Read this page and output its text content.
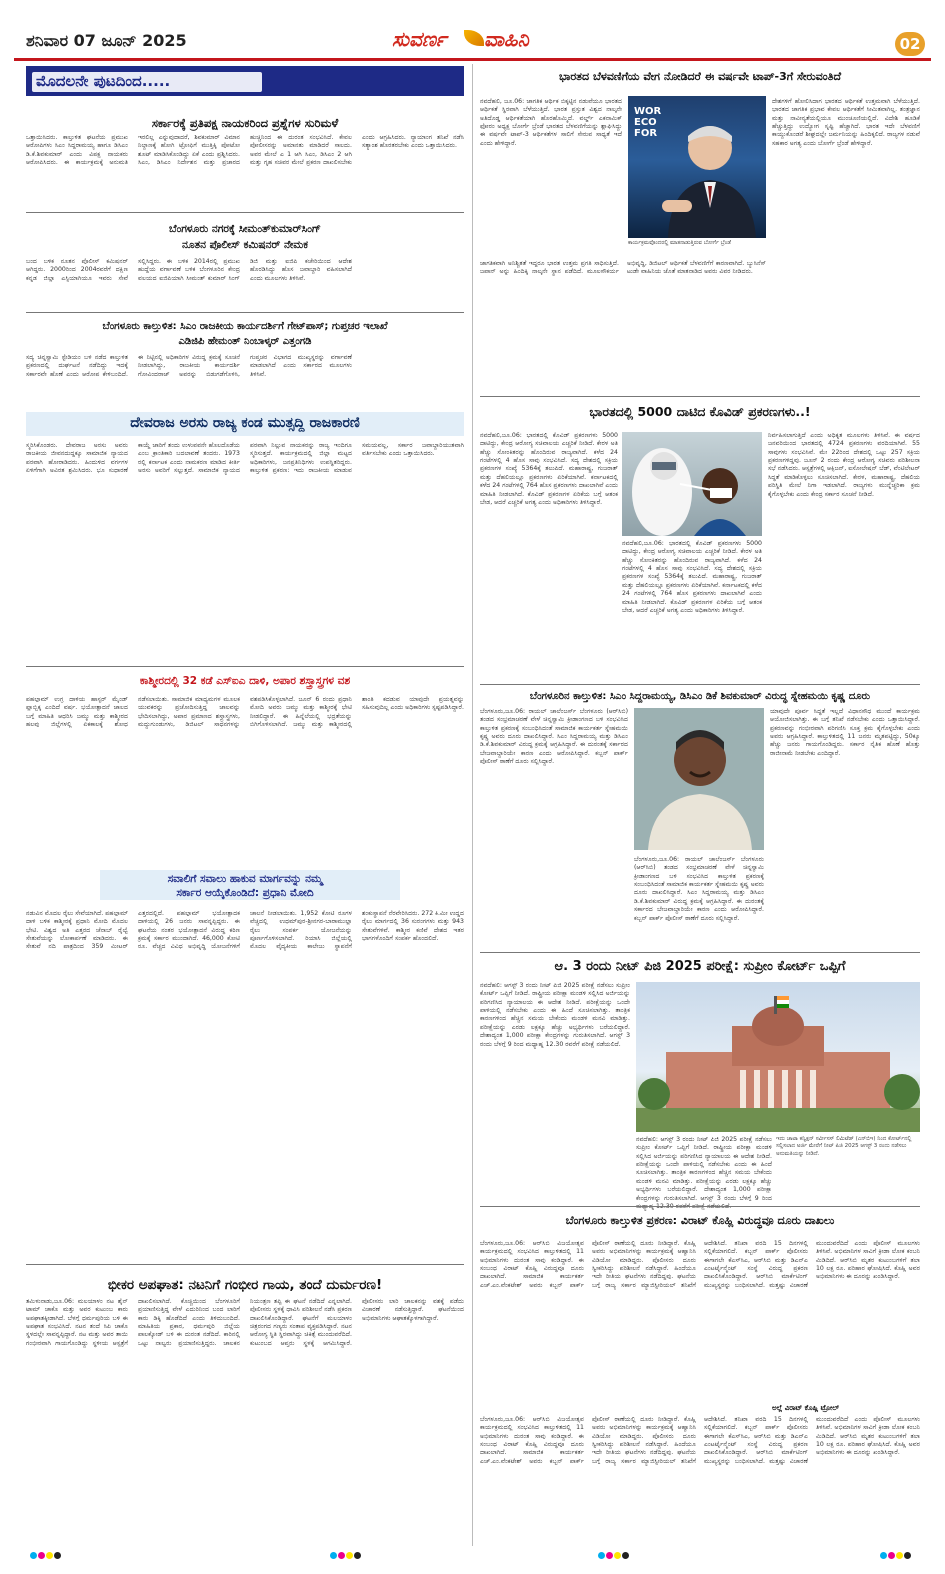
ಶನಿವಾರ 07 ಜೂನ್ 2025	ಸುವರ್ಣ ವಾಹಿನಿ	02
ಮೊದಲನೇ ಪುಟದಿಂದ.....
ಸರ್ಕಾರಕ್ಕೆ ಪ್ರತಿಪಕ್ಷ ನಾಯಕರಿಂದ ಪ್ರಶ್ನೆಗಳ ಸುರಿಮಳೆ
ಒತ್ತಾಯಿಸಿದರು. ಕಾಲ್ತುಳಿತ ಘಟನೆಯ ಪ್ರಮುಖ ಆರೋಪಿಗಳು ಸಿಎಂ ಸಿದ್ದರಾಮಯ್ಯ ಹಾಗೂ ಡಿಸಿಎಂ ಡಿ.ಕೆ.ಶಿವಕುಮಾರ್ ಎಂದು ವಿಪಕ್ಷ ನಾಯಕರು ಆರೋಪಿಸಿದರು. ಈ ಕಾರ್ಯಕ್ರಮಕ್ಕೆ ಅನುಮತಿ ಇರಲಿಲ್ಲ ಎನ್ನುವುದಾದರೆ, ಶಿವಕುಮಾರ್ ವಿಮಾನ ನಿಲ್ದಾಣಕ್ಕೆ ಹೋಗಿ ಟ್ರೋಫಿಗೆ ಮುತ್ತಿಕ್ಕಿ ಪೋಟೋ ಶೂಟ್ ಮಾಡಿಸಿಕೊಂಡಿದ್ದು ಏಕೆ ಎಂದು ಪ್ರಶ್ನಿಸಿದರು. ಸಿಎಂ, ಡಿಸಿಎಂ ನಿರ್ದೇಶನ ಮತ್ತು ಪ್ರಚಾರದ ಹುಚ್ಚಿನಿಂದ ಈ ದುರಂತ ಸಂಭವಿಸಿದೆ. ಕೇವಲ ಪೋಲೀಸರನ್ನು ಅಮಾನತು ಮಾಡಿದರೆ ಸಾಲದು. ಅವರ ಮೇಲೆ ಎ 1 ಆಗಿ ಸಿಎಂ, ಡಿಸಿಎಂ 2 ಆಗಿ ಮತ್ತು ಗೃಹ ಸಚಿವರ ಮೇಲೆ ಪ್ರಕರಣ ದಾಖಲಿಸಬೇಕು ಎಂದು ಆಗ್ರಹಿಸಿದರು. ನ್ಯಾಯಾಂಗ ತನಿಖೆ ನಡೆಸಿ ಸತ್ಯಾಂಶ ಹೊರತರಬೇಕು ಎಂದು ಒತ್ತಾಯಿಸಿದರು.
ಬೆಂಗಳೂರು ನಗರಕ್ಕೆ ಸೀಮಂತ್‌ಕುಮಾರ್‌ಸಿಂಗ್
ನೂತನ ಪೊಲೀಸ್ ಕಮಿಷನರ್ ನೇಮಕ
ಬಂದ ಬಳಿಕ ನೂತನ ಪೊಲೀಸ್ ಕಮಿಷನರ್ ಆಗಿದ್ದರು. 2000ರಿಂದ 2004ರವರೆಗೆ ದಕ್ಷಿಣ ಕನ್ನಡ ಜಿಲ್ಲಾ ಎಸ್ಪಿಯಾಗಿಯೂ ಇವರು ಸೇವೆ ಸಲ್ಲಿಸಿದ್ದರು. ಈ ಬಳಿಕ 2014ರಲ್ಲಿ ಪ್ರಮುಖ ಹುದ್ದೆಯ ವರ್ಗಾವಣೆ ಬಳಿಕ ಬೆಂಗಳೂರಿನ ಕೇಂದ್ರ ವಲಯದ ಐಜಿಪಿಯಾಗಿ ಸೀಮಂತ್ ಕುಮಾರ್ ಸಿಂಗ್ ಡಿಜಿ ಮತ್ತು ಐಜಿಪಿ ಕಚೇರಿಯಿಂದ ಆದೇಶ ಹೊರಡಿಸಿದ್ದು ಹೊಸ ಜವಾಬ್ದಾರಿ ವಹಿಸಲಾಗಿದೆ ಎಂದು ಮೂಲಗಳು ತಿಳಿಸಿವೆ.
ಬೆಂಗಳೂರು ಕಾಲ್ತುಳಿತ: ಸಿಎಂ ರಾಜಕೀಯ ಕಾರ್ಯದರ್ಶಿಗೆ ಗೇಟ್‌ಪಾಸ್; ಗುಪ್ತಚರ ಇಲಾಖೆ
ಎಡಿಜಿಪಿ ಹೇಮಂತ್ ನಿಂಬಾಳ್ಕರ್ ಎತ್ತಂಗಡಿ
ಸದ್ಯ ಚಿನ್ನಸ್ವಾಮಿ ಸ್ಟೇಡಿಯಂ ಬಳಿ ನಡೆದ ಕಾಲ್ತುಳಿತ ಪ್ರಕರಣದಲ್ಲಿ ದುರ್ಘಟನೆ ನಡೆದಿದ್ದು ಇದಕ್ಕೆ ಸರ್ಕಾರವೇ ಹೊಣೆ ಎಂದು ಆರೋಪ ಕೇಳಿಬಂದಿದೆ. ಈ ನಿಟ್ಟಿನಲ್ಲಿ ಅಧಿಕಾರಿಗಳ ವಿರುದ್ಧ ಕ್ರಮಕ್ಕೆ ಸೂಚನೆ ನೀಡಲಾಗಿದ್ದು, ರಾಜಕೀಯ ಕಾರ್ಯದರ್ಶಿ ಗೋವಿಂದರಾಜ್ ಅವರನ್ನು ಬಿಡುಗಡೆಗೊಳಿಸಿ, ಗುಪ್ತಚರ ವಿಭಾಗದ ಮುಖ್ಯಸ್ಥರನ್ನು ವರ್ಗಾವಣೆ ಮಾಡಲಾಗಿದೆ ಎಂದು ಸರ್ಕಾರದ ಮೂಲಗಳು ತಿಳಿಸಿವೆ.
ದೇವರಾಜ ಅರಸು ರಾಜ್ಯ ಕಂಡ ಮುತ್ಸದ್ದಿ ರಾಜಕಾರಣಿ
ಸ್ಮರಿಸಿಕೊಂಡರು. ದೇವರಾಜ ಅರಸು ಅವರು ರಾಜಕೀಯ ಜೀವನದುದ್ದಕ್ಕೂ ಸಾಮಾಜಿಕ ನ್ಯಾಯದ ಪರವಾಗಿ ಹೋರಾಡಿದರು. ಹಿಂದುಳಿದ ವರ್ಗಗಳ ಏಳಿಗೆಗಾಗಿ ಅವಿರತ ಶ್ರಮಿಸಿದರು. ಭೂ ಸುಧಾರಣೆ ಕಾಯ್ದೆ ಜಾರಿಗೆ ತಂದು ಉಳುವವನೇ ಹೊಲದೊಡೆಯ ಎಂಬ ಕ್ರಾಂತಿಕಾರಿ ಬದಲಾವಣೆ ತಂದರು. 1973 ರಲ್ಲಿ ಕರ್ನಾಟಕ ಎಂದು ನಾಮಕರಣ ಮಾಡಿದ ಕೀರ್ತಿ ಅರಸು ಅವರಿಗೆ ಸಲ್ಲುತ್ತದೆ. ಸಾಮಾಜಿಕ ನ್ಯಾಯದ ಪರವಾಗಿ ನಿಲ್ಲುವ ನಾಯಕರನ್ನು ರಾಜ್ಯ ಇಂದಿಗೂ ಸ್ಮರಿಸುತ್ತದೆ. ಕಾರ್ಯಕ್ರಮದಲ್ಲಿ ಜಿಲ್ಲಾ ಮಟ್ಟದ ಅಧಿಕಾರಿಗಳು, ಜನಪ್ರತಿನಿಧಿಗಳು ಉಪಸ್ಥಿತರಿದ್ದರು. ಕಾಲ್ತುಳಿತ ಪ್ರಕರಣ: ಇದು ರಾಜಕೀಯ ಮಾಡುವ ಸಮಯವಲ್ಲ, ಸರ್ಕಾರ ಜವಾಬ್ದಾರಿಯುತವಾಗಿ ವರ್ತಿಸಬೇಕು ಎಂದು ಒತ್ತಾಯಿಸಿದರು.
ಕಾಶ್ಮೀರದಲ್ಲಿ 32 ಕಡೆ ಎಸ್‌ಐಎ ದಾಳಿ, ಅಪಾರ ಶಸ್ತ್ರಾಸ್ತ್ರಗಳ ವಶ
ಪಹಲ್ಗಾಮ್ ಉಗ್ರ ದಾಳಿಯ ಹಾಸ್ಪರ್ ಮೈಂಡ್ ಪ್ಲಾಬ್ಬಿಕ್ಕ ಎಂದಿದೆ ವರ್ಷ. ಭಯೋತ್ಪಾದನೆ ಜಾಲದ ಬಗ್ಗೆ ಮಾಹಿತಿ ಆಧರಿಸಿ ಜಮ್ಮು ಮತ್ತು ಕಾಶ್ಮೀರದ ಹಲವು ಜಿಲ್ಲೆಗಳಲ್ಲಿ ಏಕಕಾಲಕ್ಕೆ ಶೋಧ ನಡೆಸಲಾಯಿತು. ಸಾಮಾಜಿಕ ಮಾಧ್ಯಮಗಳ ಮೂಲಕ ಯುವಕರನ್ನು ಪ್ರಚೋದಿಸುತ್ತಿದ್ದ ಜಾಲವನ್ನು ಭೇದಿಸಲಾಗಿದ್ದು, ಅಪಾರ ಪ್ರಮಾಣದ ಶಸ್ತ್ರಾಸ್ತ್ರಗಳು, ಮದ್ದುಗುಂಡುಗಳು, ಡಿಜಿಟಲ್ ಸಾಧನಗಳನ್ನು ವಶಪಡಿಸಿಕೊಳ್ಳಲಾಗಿದೆ. ಜೂನ್ 6 ರಂದು ಪ್ರಧಾನಿ ಮೋದಿ ಅವರು ಜಮ್ಮು ಮತ್ತು ಕಾಶ್ಮೀರಕ್ಕೆ ಭೇಟಿ ನೀಡಲಿದ್ದಾರೆ. ಈ ಹಿನ್ನೆಲೆಯಲ್ಲಿ ಭದ್ರತೆಯನ್ನು ಬಿಗಿಗೊಳಿಸಲಾಗಿದೆ. ಜಮ್ಮು ಮತ್ತು ಕಾಶ್ಮೀರದಲ್ಲಿ ಶಾಂತಿ ಕದಡುವ ಯಾವುದೇ ಪ್ರಯತ್ನವನ್ನು ಸಹಿಸುವುದಿಲ್ಲ ಎಂದು ಅಧಿಕಾರಿಗಳು ಸ್ಪಷ್ಟಪಡಿಸಿದ್ದಾರೆ.
ಸವಾಲಿಗೆ ಸವಾಲು ಹಾಕುವ ಮಾರ್ಗವನ್ನು ನಮ್ಮ
ಸರ್ಕಾರ ಆಯ್ಕೆಕೊಂಡಿದೆ: ಪ್ರಧಾನಿ ಮೋದಿ
ನಡುವಿನ ಮೊದಲ ರೈಲು ಸೇವೆಯಾಗಿದೆ. ಪಹಲ್ಗಾಮ್ ದಾಳಿ ಬಳಿಕ ಕಾಶ್ಮೀರಕ್ಕೆ ಪ್ರಧಾನಿ ಮೋದಿ ಮೊದಲ ಭೇಟಿ. ವಿಶ್ವದ ಅತಿ ಎತ್ತರದ ಚೆನಾಬ್ ರೈಲ್ವೆ ಸೇತುವೆಯನ್ನು ಲೋಕಾರ್ಪಣೆ ಮಾಡಿದರು. ಈ ಸೇತುವೆ ನದಿ ಪಾತ್ರದಿಂದ 359 ಮೀಟರ್ ಎತ್ತರದಲ್ಲಿದೆ. ಪಹಲ್ಗಾಮ್ ಭಯೋತ್ಪಾದಕ ದಾಳಿಯಲ್ಲಿ 26 ಜನರು ಸಾವನ್ನಪ್ಪಿದ್ದರು. ಈ ಘಟನೆಯ ನಂತರ ಭಯೋತ್ಪಾದನೆ ವಿರುದ್ಧ ಕಠಿಣ ಕ್ರಮಕ್ಕೆ ಸರ್ಕಾರ ಮುಂದಾಗಿದೆ. 46,000 ಕೋಟಿ ರೂ. ವೆಚ್ಚದ ವಿವಿಧ ಅಭಿವೃದ್ಧಿ ಯೋಜನೆಗಳಿಗೆ ಚಾಲನೆ ನೀಡಲಾಯಿತು. 1,952 ಕೋಟಿ ರೂಗಳ ವೆಚ್ಚದಲ್ಲಿ ಉಧಮ್‌ಪುರ-ಶ್ರೀನಗರ-ಬಾರಾಮುಲ್ಲಾ ರೈಲು ಸಂಪರ್ಕ ಯೋಜನೆಯನ್ನು ಪೂರ್ಣಗೊಳಿಸಲಾಗಿದೆ. ರಿಯಾಸಿ ಜಿಲ್ಲೆಯಲ್ಲಿ ಮೊದಲ ವೈದ್ಯಕೀಯ ಕಾಲೇಜು ಸ್ಥಾಪನೆಗೆ ಶಂಕುಸ್ಥಾಪನೆ ನೆರವೇರಿಸಿದರು. 272 ಕಿ.ಮೀ ಉದ್ದದ ರೈಲು ಮಾರ್ಗದಲ್ಲಿ 36 ಸುರಂಗಗಳು ಮತ್ತು 943 ಸೇತುವೆಗಳಿವೆ. ಕಾಶ್ಮೀರ ಕಣಿವೆ ದೇಶದ ಇತರ ಭಾಗಗಳೊಂದಿಗೆ ಸಂಪರ್ಕ ಹೊಂದಲಿದೆ.
ಭೀಕರ ಅಪಘಾತ: ನಟನಿಗೆ ಗಂಭೀರ ಗಾಯ, ತಂದೆ ದುರ್ಮರಣ!
ತಮಿಳುನಾಡು,ಜೂ.06: ಮಲಯಾಳಂ ನಟ ಶೈನ್ ಟಾಮ್ ಚಾಕೊ ಮತ್ತು ಅವರ ಕುಟುಂಬ ಕಾರು ಅಪಘಾತಕ್ಕೀಡಾಗಿದೆ. ಬೆಳಗ್ಗೆ ಧರ್ಮಪುರಿಯ ಬಳಿ ಈ ಅಪಘಾತ ಸಂಭವಿಸಿದೆ. ನಟನ ತಂದೆ ಸಿಪಿ ಚಾಕೊ ಸ್ಥಳದಲ್ಲೇ ಸಾವನ್ನಪ್ಪಿದ್ದಾರೆ. ನಟ ಮತ್ತು ಅವರ ತಾಯಿ ಗಂಭೀರವಾಗಿ ಗಾಯಗೊಂಡಿದ್ದು ಸ್ಥಳೀಯ ಆಸ್ಪತ್ರೆಗೆ ದಾಖಲಿಸಲಾಗಿದೆ. ಕೊಚ್ಚಿಯಿಂದ ಬೆಂಗಳೂರಿಗೆ ಪ್ರಯಾಣಿಸುತ್ತಿದ್ದ ವೇಳೆ ಎದುರಿನಿಂದ ಬಂದ ಲಾರಿಗೆ ಕಾರು ಡಿಕ್ಕಿ ಹೊಡೆದಿದೆ ಎಂದು ತಿಳಿದುಬಂದಿದೆ. ಮಾಹಿತಿಯ ಪ್ರಕಾರ, ಧರ್ಮಪುರಿ ಜಿಲ್ಲೆಯ ಪಾಲಕ್ಕೋಡ್ ಬಳಿ ಈ ದುರಂತ ನಡೆದಿದೆ. ಕಾರಿನಲ್ಲಿ ಒಟ್ಟು ನಾಲ್ವರು ಪ್ರಯಾಣಿಸುತ್ತಿದ್ದರು. ಚಾಲಕನ ನಿಯಂತ್ರಣ ತಪ್ಪಿ ಈ ಘಟನೆ ನಡೆದಿದೆ ಎನ್ನಲಾಗಿದೆ. ಪೊಲೀಸರು ಸ್ಥಳಕ್ಕೆ ಧಾವಿಸಿ ಪರಿಶೀಲನೆ ನಡೆಸಿ ಪ್ರಕರಣ ದಾಖಲಿಸಿಕೊಂಡಿದ್ದಾರೆ. ಘಟನೆಗೆ ಮಲಯಾಳಂ ಚಿತ್ರರಂಗದ ಗಣ್ಯರು ಸಂತಾಪ ವ್ಯಕ್ತಪಡಿಸಿದ್ದಾರೆ. ನಟನ ಆರೋಗ್ಯ ಸ್ಥಿತಿ ಸ್ಥಿರವಾಗಿದ್ದು ಚಿಕಿತ್ಸೆ ಮುಂದುವರೆದಿದೆ. ಕುಟುಂಬದ ಆಪ್ತರು ಸ್ಥಳಕ್ಕೆ ಆಗಮಿಸಿದ್ದಾರೆ. ಪೊಲೀಸರು ಲಾರಿ ಚಾಲಕನನ್ನು ವಶಕ್ಕೆ ಪಡೆದು ವಿಚಾರಣೆ ನಡೆಸುತ್ತಿದ್ದಾರೆ. ಘಟನೆಯಿಂದ ಅಭಿಮಾನಿಗಳು ಆಘಾತಕ್ಕೊಳಗಾಗಿದ್ದಾರೆ.
ಭಾರತದ ಬೆಳವಣಿಗೆಯ ವೇಗ ನೋಡಿದರೆ ಈ ವರ್ಷವೇ ಟಾಪ್-3ಗೆ ಸೇರುವಂತಿದೆ
ನವದೆಹಲಿ, ಜೂ.06: ಜಾಗತಿಕ ಆರ್ಥಿಕ ಬಿಕ್ಕಟ್ಟಿನ ನಡುವೆಯೂ ಭಾರತದ ಆರ್ಥಿಕತೆ ಸ್ಥಿರವಾಗಿ ಬೆಳೆಯುತ್ತಿದೆ. ಭಾರತ ಪ್ರಸ್ತುತ ವಿಶ್ವದ ನಾಲ್ಕನೇ ಅತಿದೊಡ್ಡ ಆರ್ಥಿಕತೆಯಾಗಿ ಹೊರಹೊಮ್ಮಿದೆ. ವರ್ಲ್ಡ್ ಎಕನಾಮಿಕ್ ಫೋರಂ ಅಧ್ಯಕ್ಷ ಬೋರ್ಗೆ ಬ್ರೆಂಡೆ ಭಾರತದ ಬೆಳವಣಿಗೆಯನ್ನು ಶ್ಲಾಘಿಸಿದ್ದು ಈ ವರ್ಷವೇ ಟಾಪ್-3 ಆರ್ಥಿಕತೆಗಳ ಸಾಲಿಗೆ ಸೇರುವ ಸಾಧ್ಯತೆ ಇದೆ ಎಂದು ಹೇಳಿದ್ದಾರೆ.
WOR
ECO
FOR
ಕಾರ್ಯಕ್ರಮವೊಂದರಲ್ಲಿ ಮಾತನಾಡುತ್ತಿರುವ ಬೋರ್ಗೆ ಬ್ರೆಂಡೆ
ಜಾಗತಿಕವಾಗಿ ಅನಿಶ್ಚಿತತೆ ಇದ್ದರೂ ಭಾರತ ಉತ್ತಮ ಪ್ರಗತಿ ಸಾಧಿಸುತ್ತಿದೆ. ಜಪಾನ್ ಅನ್ನು ಹಿಂದಿಕ್ಕಿ ನಾಲ್ಕನೇ ಸ್ಥಾನ ಪಡೆದಿದೆ. ಮೂಲಸೌಕರ್ಯ ಅಭಿವೃದ್ಧಿ, ಡಿಜಿಟಲ್ ಆರ್ಥಿಕತೆ ಬೆಳವಣಿಗೆಗೆ ಕಾರಣವಾಗಿದೆ. ಬ್ಯುಸಿನೆಸ್ ಟುಡೇ ವಾಹಿನಿಯ ಜೊತೆ ಮಾತನಾಡಿದ ಅವರು ವಿವರ ನೀಡಿದರು.
ದೇಶಗಳಿಗೆ ಹೋಲಿಸಿದಾಗ ಭಾರತದ ಆರ್ಥಿಕತೆ ಉತ್ತಮವಾಗಿ ಬೆಳೆಯುತ್ತಿದೆ. ಭಾರತದ ಜಾಗತಿಕ ಪ್ರಭಾವ ಕೇವಲ ಆರ್ಥಿಕತೆಗೆ ಸೀಮಿತವಾಗಿಲ್ಲ. ತಂತ್ರಜ್ಞಾನ ಮತ್ತು ನಾವೀನ್ಯತೆಯಲ್ಲಿಯೂ ಮುಂಚೂಣಿಯಲ್ಲಿದೆ. ವಿದೇಶಿ ಹೂಡಿಕೆ ಹೆಚ್ಚುತ್ತಿದ್ದು ಉದ್ಯೋಗ ಸೃಷ್ಟಿ ಹೆಚ್ಚಾಗಿದೆ. ಭಾರತ ಇದೇ ಬೆಳವಣಿಗೆ ಕಾಯ್ದುಕೊಂಡರೆ ಶೀಘ್ರದಲ್ಲೇ ಜರ್ಮನಿಯನ್ನು ಹಿಂದಿಕ್ಕಲಿದೆ. ರಾಜ್ಯಗಳ ನಡುವೆ ಸಹಕಾರ ಅಗತ್ಯ ಎಂದು ಬೋರ್ಗೆ ಬ್ರೆಂಡೆ ಹೇಳಿದ್ದಾರೆ.
ಭಾರತದಲ್ಲಿ 5000 ದಾಟಿದ ಕೊವಿಡ್ ಪ್ರಕರಣಗಳು..!
ನವದೆಹಲಿ,ಜೂ.06: ಭಾರತದಲ್ಲಿ ಕೊವಿಡ್ ಪ್ರಕರಣಗಳು 5000 ದಾಟಿದ್ದು, ಕೇಂದ್ರ ಆರೋಗ್ಯ ಸಚಿವಾಲಯ ಎಚ್ಚರಿಕೆ ನೀಡಿದೆ. ಕೇರಳ ಅತಿ ಹೆಚ್ಚು ಸೋಂಕಿತರನ್ನು ಹೊಂದಿರುವ ರಾಜ್ಯವಾಗಿದೆ. ಕಳೆದ 24 ಗಂಟೆಗಳಲ್ಲಿ 4 ಹೊಸ ಸಾವು ಸಂಭವಿಸಿದೆ. ಸದ್ಯ ದೇಶದಲ್ಲಿ ಸಕ್ರಿಯ ಪ್ರಕರಣಗಳ ಸಂಖ್ಯೆ 5364ಕ್ಕೆ ತಲುಪಿದೆ. ಮಹಾರಾಷ್ಟ್ರ, ಗುಜರಾತ್ ಮತ್ತು ದೆಹಲಿಯಲ್ಲೂ ಪ್ರಕರಣಗಳು ಏರಿಕೆಯಾಗಿವೆ. ಕರ್ನಾಟಕದಲ್ಲಿ ಕಳೆದ 24 ಗಂಟೆಗಳಲ್ಲಿ 764 ಹೊಸ ಪ್ರಕರಣಗಳು ದಾಖಲಾಗಿವೆ ಎಂದು ಮಾಹಿತಿ ನೀಡಲಾಗಿದೆ. ಕೊವಿಡ್ ಪ್ರಕರಣಗಳ ಏರಿಕೆಯ ಬಗ್ಗೆ ಆತಂಕ ಬೇಡ, ಆದರೆ ಎಚ್ಚರಿಕೆ ಅಗತ್ಯ ಎಂದು ಅಧಿಕಾರಿಗಳು ತಿಳಿಸಿದ್ದಾರೆ.
ನವದೆಹಲಿ,ಜೂ.06: ಭಾರತದಲ್ಲಿ ಕೊವಿಡ್ ಪ್ರಕರಣಗಳು 5000 ದಾಟಿದ್ದು, ಕೇಂದ್ರ ಆರೋಗ್ಯ ಸಚಿವಾಲಯ ಎಚ್ಚರಿಕೆ ನೀಡಿದೆ. ಕೇರಳ ಅತಿ ಹೆಚ್ಚು ಸೋಂಕಿತರನ್ನು ಹೊಂದಿರುವ ರಾಜ್ಯವಾಗಿದೆ. ಕಳೆದ 24 ಗಂಟೆಗಳಲ್ಲಿ 4 ಹೊಸ ಸಾವು ಸಂಭವಿಸಿದೆ. ಸದ್ಯ ದೇಶದಲ್ಲಿ ಸಕ್ರಿಯ ಪ್ರಕರಣಗಳ ಸಂಖ್ಯೆ 5364ಕ್ಕೆ ತಲುಪಿದೆ. ಮಹಾರಾಷ್ಟ್ರ, ಗುಜರಾತ್ ಮತ್ತು ದೆಹಲಿಯಲ್ಲೂ ಪ್ರಕರಣಗಳು ಏರಿಕೆಯಾಗಿವೆ. ಕರ್ನಾಟಕದಲ್ಲಿ ಕಳೆದ 24 ಗಂಟೆಗಳಲ್ಲಿ 764 ಹೊಸ ಪ್ರಕರಣಗಳು ದಾಖಲಾಗಿವೆ ಎಂದು ಮಾಹಿತಿ ನೀಡಲಾಗಿದೆ. ಕೊವಿಡ್ ಪ್ರಕರಣಗಳ ಏರಿಕೆಯ ಬಗ್ಗೆ ಆತಂಕ ಬೇಡ, ಆದರೆ ಎಚ್ಚರಿಕೆ ಅಗತ್ಯ ಎಂದು ಅಧಿಕಾರಿಗಳು ತಿಳಿಸಿದ್ದಾರೆ.
ನಿರ್ವಹಿಸಲಾಗುತ್ತಿದೆ ಎಂದು ಅಧಿಕೃತ ಮೂಲಗಳು ತಿಳಿಸಿವೆ. ಈ ವರ್ಷದ ಜನವರಿಯಿಂದ ಭಾರತದಲ್ಲಿ 4724 ಪ್ರಕರಣಗಳು ವರದಿಯಾಗಿವೆ. 55 ಸಾವುಗಳು ಸಂಭವಿಸಿವೆ. ಮೇ 22ರಿಂದ ದೇಶದಲ್ಲಿ ಒಟ್ಟು 257 ಸಕ್ರಿಯ ಪ್ರಕರಣಗಳಿದ್ದವು. ಜೂನ್ 2 ರಂದು ಕೇಂದ್ರ ಆರೋಗ್ಯ ಸಚಿವರು ಪರಿಶೀಲನಾ ಸಭೆ ನಡೆಸಿದರು. ಆಸ್ಪತ್ರೆಗಳಲ್ಲಿ ಆಕ್ಸಿಜನ್, ಐಸೋಲೇಷನ್ ಬೆಡ್, ವೆಂಟಿಲೇಟರ್ ಸಿದ್ಧತೆ ಮಾಡಿಕೊಳ್ಳಲು ಸೂಚಿಸಲಾಗಿದೆ. ಕೇರಳ, ಮಹಾರಾಷ್ಟ್ರ, ದೆಹಲಿಯ ಪರಿಸ್ಥಿತಿ ಮೇಲೆ ನಿಗಾ ಇಡಲಾಗಿದೆ. ರಾಜ್ಯಗಳು ಮುನ್ನೆಚ್ಚರಿಕಾ ಕ್ರಮ ಕೈಗೊಳ್ಳಬೇಕು ಎಂದು ಕೇಂದ್ರ ಸರ್ಕಾರ ಸೂಚನೆ ನೀಡಿದೆ.
ಬೆಂಗಳೂರಿನ ಕಾಲ್ತುಳಿತ: ಸಿಎಂ ಸಿದ್ದರಾಮಯ್ಯ, ಡಿಸಿಎಂ ಡಿಕೆ ಶಿವಕುಮಾರ್ ವಿರುದ್ಧ ಸ್ನೇಹಮಯಿ ಕೃಷ್ಣ ದೂರು
ಬೆಂಗಳೂರು,ಜೂ.06: ರಾಯಲ್ ಚಾಲೆಂಜರ್ಸ್ ಬೆಂಗಳೂರು (ಆರ್‌ಸಿಬಿ) ತಂಡದ ಸಂಭ್ರಮಾಚರಣೆ ವೇಳೆ ಚಿನ್ನಸ್ವಾಮಿ ಕ್ರೀಡಾಂಗಣದ ಬಳಿ ಸಂಭವಿಸಿದ ಕಾಲ್ತುಳಿತ ಪ್ರಕರಣಕ್ಕೆ ಸಂಬಂಧಿಸಿದಂತೆ ಸಾಮಾಜಿಕ ಕಾರ್ಯಕರ್ತ ಸ್ನೇಹಮಯಿ ಕೃಷ್ಣ ಅವರು ದೂರು ದಾಖಲಿಸಿದ್ದಾರೆ. ಸಿಎಂ ಸಿದ್ದರಾಮಯ್ಯ ಮತ್ತು ಡಿಸಿಎಂ ಡಿ.ಕೆ.ಶಿವಕುಮಾರ್ ವಿರುದ್ಧ ಕ್ರಮಕ್ಕೆ ಆಗ್ರಹಿಸಿದ್ದಾರೆ. ಈ ದುರಂತಕ್ಕೆ ಸರ್ಕಾರದ ಬೇಜವಾಬ್ದಾರಿಯೇ ಕಾರಣ ಎಂದು ಆರೋಪಿಸಿದ್ದಾರೆ. ಕಬ್ಬನ್ ಪಾರ್ಕ್ ಪೊಲೀಸ್ ಠಾಣೆಗೆ ದೂರು ಸಲ್ಲಿಸಿದ್ದಾರೆ.
ಬೆಂಗಳೂರು,ಜೂ.06: ರಾಯಲ್ ಚಾಲೆಂಜರ್ಸ್ ಬೆಂಗಳೂರು (ಆರ್‌ಸಿಬಿ) ತಂಡದ ಸಂಭ್ರಮಾಚರಣೆ ವೇಳೆ ಚಿನ್ನಸ್ವಾಮಿ ಕ್ರೀಡಾಂಗಣದ ಬಳಿ ಸಂಭವಿಸಿದ ಕಾಲ್ತುಳಿತ ಪ್ರಕರಣಕ್ಕೆ ಸಂಬಂಧಿಸಿದಂತೆ ಸಾಮಾಜಿಕ ಕಾರ್ಯಕರ್ತ ಸ್ನೇಹಮಯಿ ಕೃಷ್ಣ ಅವರು ದೂರು ದಾಖಲಿಸಿದ್ದಾರೆ. ಸಿಎಂ ಸಿದ್ದರಾಮಯ್ಯ ಮತ್ತು ಡಿಸಿಎಂ ಡಿ.ಕೆ.ಶಿವಕುಮಾರ್ ವಿರುದ್ಧ ಕ್ರಮಕ್ಕೆ ಆಗ್ರಹಿಸಿದ್ದಾರೆ. ಈ ದುರಂತಕ್ಕೆ ಸರ್ಕಾರದ ಬೇಜವಾಬ್ದಾರಿಯೇ ಕಾರಣ ಎಂದು ಆರೋಪಿಸಿದ್ದಾರೆ. ಕಬ್ಬನ್ ಪಾರ್ಕ್ ಪೊಲೀಸ್ ಠಾಣೆಗೆ ದೂರು ಸಲ್ಲಿಸಿದ್ದಾರೆ.
ಯಾವುದೇ ಪೂರ್ವ ಸಿದ್ಧತೆ ಇಲ್ಲದೆ ವಿಧಾನಸೌಧ ಮುಂದೆ ಕಾರ್ಯಕ್ರಮ ಆಯೋಜಿಸಲಾಗಿತ್ತು. ಈ ಬಗ್ಗೆ ತನಿಖೆ ನಡೆಸಬೇಕು ಎಂದು ಒತ್ತಾಯಿಸಿದ್ದಾರೆ. ಪ್ರಕರಣವನ್ನು ಗಂಭೀರವಾಗಿ ಪರಿಗಣಿಸಿ ಸೂಕ್ತ ಕ್ರಮ ಕೈಗೊಳ್ಳಬೇಕು ಎಂದು ಅವರು ಆಗ್ರಹಿಸಿದ್ದಾರೆ. ಕಾಲ್ತುಳಿತದಲ್ಲಿ 11 ಜನರು ಮೃತಪಟ್ಟಿದ್ದು, 50ಕ್ಕೂ ಹೆಚ್ಚು ಜನರು ಗಾಯಗೊಂಡಿದ್ದರು. ಸರ್ಕಾರ ನೈತಿಕ ಹೊಣೆ ಹೊತ್ತು ರಾಜೀನಾಮೆ ನೀಡಬೇಕು ಎಂದಿದ್ದಾರೆ.
ಆ. 3 ರಂದು ನೀಟ್ ಪಿಜಿ 2025 ಪರೀಕ್ಷೆ: ಸುಪ್ರೀಂ ಕೋರ್ಟ್ ಒಪ್ಪಿಗೆ
ನವದೆಹಲಿ: ಆಗಸ್ಟ್ 3 ರಂದು ನೀಟ್ ಪಿಜಿ 2025 ಪರೀಕ್ಷೆ ನಡೆಸಲು ಸುಪ್ರೀಂ ಕೋರ್ಟ್ ಒಪ್ಪಿಗೆ ನೀಡಿದೆ. ರಾಷ್ಟ್ರೀಯ ಪರೀಕ್ಷಾ ಮಂಡಳಿ ಸಲ್ಲಿಸಿದ ಅರ್ಜಿಯನ್ನು ಪರಿಗಣಿಸಿದ ನ್ಯಾಯಾಲಯ ಈ ಆದೇಶ ನೀಡಿದೆ. ಪರೀಕ್ಷೆಯನ್ನು ಒಂದೇ ಪಾಳಿಯಲ್ಲಿ ನಡೆಸಬೇಕು ಎಂದು ಈ ಹಿಂದೆ ಸೂಚಿಸಲಾಗಿತ್ತು. ತಾಂತ್ರಿಕ ಕಾರಣಗಳಿಂದ ಹೆಚ್ಚಿನ ಸಮಯ ಬೇಕೆಂದು ಮಂಡಳಿ ಮನವಿ ಮಾಡಿತ್ತು. ಪರೀಕ್ಷೆಯನ್ನು ಎರಡು ಲಕ್ಷಕ್ಕೂ ಹೆಚ್ಚು ಅಭ್ಯರ್ಥಿಗಳು ಬರೆಯಲಿದ್ದಾರೆ. ದೇಶಾದ್ಯಂತ 1,000 ಪರೀಕ್ಷಾ ಕೇಂದ್ರಗಳನ್ನು ಗುರುತಿಸಲಾಗಿದೆ. ಆಗಸ್ಟ್ 3 ರಂದು ಬೆಳಗ್ಗೆ 9 ರಿಂದ ಮಧ್ಯಾಹ್ನ 12.30 ರವರೆಗೆ ಪರೀಕ್ಷೆ ನಡೆಯಲಿದೆ.
ಇದು ಚಾಟಾ ಕನ್ವಿಕ್ಷನ್ ಸರ್ವೀಸಸ್ ಲಿಮಿಟೆಡ್ (ಎನ್‌ಬಿಇ) ನಿಂದ ಕೋರ್ಟ್‌ನಲ್ಲಿ ಸಲ್ಲಿಸಲಾದ ಅರ್ಜಿ ಮೇರೆಗೆ ನೀಟ್ ಪಿಜಿ 2025 ಆಗಸ್ಟ್ 3 ರಂದು ನಡೆಸಲು ಅನುಮತಿಯನ್ನು ನೀಡಿದೆ.
ನವದೆಹಲಿ: ಆಗಸ್ಟ್ 3 ರಂದು ನೀಟ್ ಪಿಜಿ 2025 ಪರೀಕ್ಷೆ ನಡೆಸಲು ಸುಪ್ರೀಂ ಕೋರ್ಟ್ ಒಪ್ಪಿಗೆ ನೀಡಿದೆ. ರಾಷ್ಟ್ರೀಯ ಪರೀಕ್ಷಾ ಮಂಡಳಿ ಸಲ್ಲಿಸಿದ ಅರ್ಜಿಯನ್ನು ಪರಿಗಣಿಸಿದ ನ್ಯಾಯಾಲಯ ಈ ಆದೇಶ ನೀಡಿದೆ. ಪರೀಕ್ಷೆಯನ್ನು ಒಂದೇ ಪಾಳಿಯಲ್ಲಿ ನಡೆಸಬೇಕು ಎಂದು ಈ ಹಿಂದೆ ಸೂಚಿಸಲಾಗಿತ್ತು. ತಾಂತ್ರಿಕ ಕಾರಣಗಳಿಂದ ಹೆಚ್ಚಿನ ಸಮಯ ಬೇಕೆಂದು ಮಂಡಳಿ ಮನವಿ ಮಾಡಿತ್ತು. ಪರೀಕ್ಷೆಯನ್ನು ಎರಡು ಲಕ್ಷಕ್ಕೂ ಹೆಚ್ಚು ಅಭ್ಯರ್ಥಿಗಳು ಬರೆಯಲಿದ್ದಾರೆ. ದೇಶಾದ್ಯಂತ 1,000 ಪರೀಕ್ಷಾ ಕೇಂದ್ರಗಳನ್ನು ಗುರುತಿಸಲಾಗಿದೆ. ಆಗಸ್ಟ್ 3 ರಂದು ಬೆಳಗ್ಗೆ 9 ರಿಂದ
ಬೆಂಗಳೂರು ಕಾಲ್ತುಳಿತ ಪ್ರಕರಣ: ವಿರಾಟ್ ಕೊಹ್ಲಿ ವಿರುದ್ಧವೂ ದೂರು ದಾಖಲು
ಬೆಂಗಳೂರು,ಜೂ.06: ಆರ್‌ಸಿಬಿ ವಿಜಯೋತ್ಸವ ಕಾರ್ಯಕ್ರಮದಲ್ಲಿ ಸಂಭವಿಸಿದ ಕಾಲ್ತುಳಿತದಲ್ಲಿ 11 ಅಭಿಮಾನಿಗಳು ದುರಂತ ಸಾವು ಕಂಡಿದ್ದಾರೆ. ಈ ಸಂಬಂಧ ವಿರಾಟ್ ಕೊಹ್ಲಿ ವಿರುದ್ಧವೂ ದೂರು ದಾಖಲಾಗಿದೆ. ಸಾಮಾಜಿಕ ಕಾರ್ಯಕರ್ತ ಎಚ್.ಎಂ.ವೆಂಕಟೇಶ್ ಅವರು ಕಬ್ಬನ್ ಪಾರ್ಕ್ ಪೊಲೀಸ್ ಠಾಣೆಯಲ್ಲಿ ದೂರು ನೀಡಿದ್ದಾರೆ. ಕೊಹ್ಲಿ ಅವರು ಅಭಿಮಾನಿಗಳನ್ನು ಕಾರ್ಯಕ್ರಮಕ್ಕೆ ಆಹ್ವಾನಿಸಿ ವಿಡಿಯೋ ಮಾಡಿದ್ದರು. ಪೊಲೀಸರು ದೂರು ಸ್ವೀಕರಿಸಿದ್ದು ಪರಿಶೀಲನೆ ನಡೆಸಿದ್ದಾರೆ. ಹಿಂದೆಯೂ ಇದೇ ರೀತಿಯ ಘಟನೆಗಳು ನಡೆದಿದ್ದವು. ಘಟನೆಯ ಬಗ್ಗೆ ರಾಜ್ಯ ಸರ್ಕಾರ ಮ್ಯಾಜಿಸ್ಟೀರಿಯಲ್ ತನಿಖೆಗೆ ಆದೇಶಿಸಿದೆ. ತನಿಖಾ ವರದಿ 15 ದಿನಗಳಲ್ಲಿ ಸಲ್ಲಿಕೆಯಾಗಲಿದೆ. ಕಬ್ಬನ್ ಪಾರ್ಕ್ ಪೊಲೀಸರು ಈಗಾಗಲೇ ಕೆಎಸ್‌ಸಿಎ, ಆರ್‌ಸಿಬಿ ಮತ್ತು ಡಿಎನ್‌ಎ ಎಂಟರ್ಟೈನ್ಮೆಂಟ್ ಸಂಸ್ಥೆ ವಿರುದ್ಧ ಪ್ರಕರಣ ದಾಖಲಿಸಿಕೊಂಡಿದ್ದಾರೆ. ಆರ್‌ಸಿಬಿ ಮಾರ್ಕೆಟಿಂಗ್ ಮುಖ್ಯಸ್ಥರನ್ನು ಬಂಧಿಸಲಾಗಿದೆ. ಮತ್ತಷ್ಟು ವಿಚಾರಣೆ ಮುಂದುವರೆದಿದೆ ಎಂದು ಪೊಲೀಸ್ ಮೂಲಗಳು ತಿಳಿಸಿವೆ. ಅಭಿಮಾನಿಗಳ ಸಾವಿಗೆ ಕ್ರೀಡಾ ಲೋಕ ಕಂಬನಿ ಮಿಡಿದಿದೆ. ಆರ್‌ಸಿಬಿ ಮೃತರ ಕುಟುಂಬಗಳಿಗೆ ತಲಾ 10 ಲಕ್ಷ ರೂ. ಪರಿಹಾರ ಘೋಷಿಸಿದೆ. ಕೊಹ್ಲಿ ಅವರ ಅಭಿಮಾನಿಗಳು ಈ ದೂರನ್ನು ಖಂಡಿಸಿದ್ದಾರೆ.
ಅಲ್ಲೆ ವಿರಾಟ್ ಕೊಹ್ಲಿ ಟ್ರೋಲ್
ಬೆಂಗಳೂರು,ಜೂ.06: ಆರ್‌ಸಿಬಿ ವಿಜಯೋತ್ಸವ ಕಾರ್ಯಕ್ರಮದಲ್ಲಿ ಸಂಭವಿಸಿದ ಕಾಲ್ತುಳಿತದಲ್ಲಿ 11 ಅಭಿಮಾನಿಗಳು ದುರಂತ ಸಾವು ಕಂಡಿದ್ದಾರೆ. ಈ ಸಂಬಂಧ ವಿರಾಟ್ ಕೊಹ್ಲಿ ವಿರುದ್ಧವೂ ದೂರು ದಾಖಲಾಗಿದೆ. ಸಾಮಾಜಿಕ ಕಾರ್ಯಕರ್ತ ಎಚ್.ಎಂ.ವೆಂಕಟೇಶ್ ಅವರು ಕಬ್ಬನ್ ಪಾರ್ಕ್ ಪೊಲೀಸ್ ಠಾಣೆಯಲ್ಲಿ ದೂರು ನೀಡಿದ್ದಾರೆ. ಕೊಹ್ಲಿ ಅವರು ಅಭಿಮಾನಿಗಳನ್ನು ಕಾರ್ಯಕ್ರಮಕ್ಕೆ ಆಹ್ವಾನಿಸಿ ವಿಡಿಯೋ ಮಾಡಿದ್ದರು. ಪೊಲೀಸರು ದೂರು ಸ್ವೀಕರಿಸಿದ್ದು ಪರಿಶೀಲನೆ ನಡೆಸಿದ್ದಾರೆ. ಹಿಂದೆಯೂ ಇದೇ ರೀತಿಯ ಘಟನೆಗಳು ನಡೆದಿದ್ದವು. ಘಟನೆಯ ಬಗ್ಗೆ ರಾಜ್ಯ ಸರ್ಕಾರ ಮ್ಯಾಜಿಸ್ಟೀರಿಯಲ್ ತನಿಖೆಗೆ ಆದೇಶಿಸಿದೆ. ತನಿಖಾ ವರದಿ 15 ದಿನಗಳಲ್ಲಿ ಸಲ್ಲಿಕೆಯಾಗಲಿದೆ. ಕಬ್ಬನ್ ಪಾರ್ಕ್ ಪೊಲೀಸರು ಈಗಾಗಲೇ ಕೆಎಸ್‌ಸಿಎ, ಆರ್‌ಸಿಬಿ ಮತ್ತು ಡಿಎನ್‌ಎ ಎಂಟರ್ಟೈನ್ಮೆಂಟ್ ಸಂಸ್ಥೆ ವಿರುದ್ಧ ಪ್ರಕರಣ ದಾಖಲಿಸಿಕೊಂಡಿದ್ದಾರೆ. ಆರ್‌ಸಿಬಿ ಮಾರ್ಕೆಟಿಂಗ್ ಮುಖ್ಯಸ್ಥರನ್ನು ಬಂಧಿಸಲಾಗಿದೆ. ಮತ್ತಷ್ಟು ವಿಚಾರಣೆ ಮುಂದುವರೆದಿದೆ ಎಂದು ಪೊಲೀಸ್ ಮೂಲಗಳು ತಿಳಿಸಿವೆ. ಅಭಿಮಾನಿಗಳ ಸಾವಿಗೆ ಕ್ರೀಡಾ ಲೋಕ ಕಂಬನಿ ಮಿಡಿದಿದೆ. ಆರ್‌ಸಿಬಿ ಮೃತರ ಕುಟುಂಬಗಳಿಗೆ ತಲಾ 10 ಲಕ್ಷ ರೂ. ಪರಿಹಾರ ಘೋಷಿಸಿದೆ. ಕೊಹ್ಲಿ ಅವರ ಅಭಿಮಾನಿಗಳು ಈ ದೂರನ್ನು ಖಂಡಿಸಿದ್ದಾರೆ.
